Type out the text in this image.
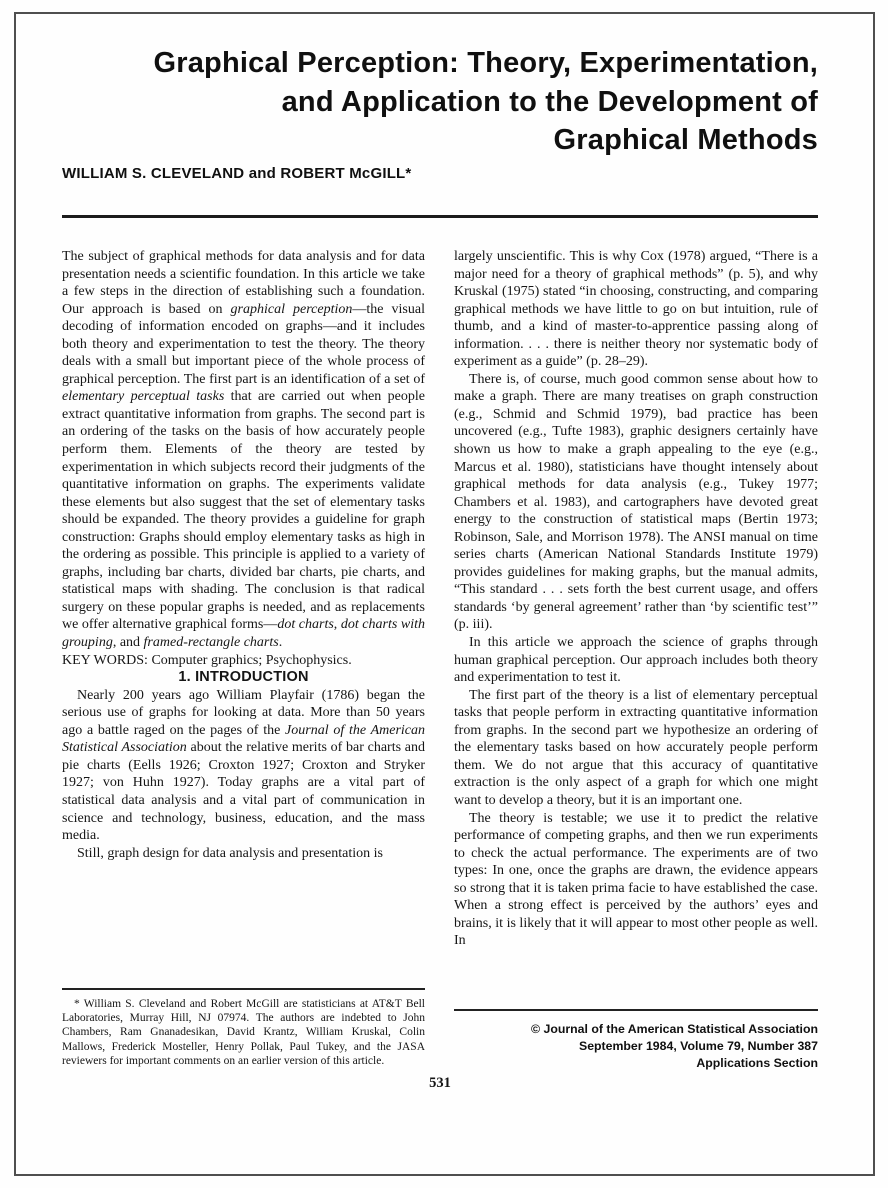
Graphical Perception: Theory, Experimentation,
and Application to the Development of
Graphical Methods
WILLIAM S. CLEVELAND and ROBERT McGILL*

The subject of graphical methods for data analysis and for data presentation needs a scientific foundation. In this article we take a few steps in the direction of establishing such a foundation. Our approach is based on graphical perception—the visual decoding of information encoded on graphs—and it includes both theory and experimentation to test the theory. The theory deals with a small but important piece of the whole process of graphical perception. The first part is an identification of a set of elementary perceptual tasks that are carried out when people extract quantitative information from graphs. The second part is an ordering of the tasks on the basis of how accurately people perform them. Elements of the theory are tested by experimentation in which subjects record their judgments of the quantitative information on graphs. The experiments validate these elements but also suggest that the set of elementary tasks should be expanded. The theory provides a guideline for graph construction: Graphs should employ elementary tasks as high in the ordering as possible. This principle is applied to a variety of graphs, including bar charts, divided bar charts, pie charts, and statistical maps with shading. The conclusion is that radical surgery on these popular graphs is needed, and as replacements we offer alternative graphical forms—dot charts, dot charts with grouping, and framed-rectangle charts.

KEY WORDS: Computer graphics; Psychophysics.

1. INTRODUCTION

Nearly 200 years ago William Playfair (1786) began the serious use of graphs for looking at data. More than 50 years ago a battle raged on the pages of the Journal of the American Statistical Association about the relative merits of bar charts and pie charts (Eells 1926; Croxton 1927; Croxton and Stryker 1927; von Huhn 1927). Today graphs are a vital part of statistical data analysis and a vital part of communication in science and technology, business, education, and the mass media.

Still, graph design for data analysis and presentation is

* William S. Cleveland and Robert McGill are statisticians at AT&T Bell Laboratories, Murray Hill, NJ 07974. The authors are indebted to John Chambers, Ram Gnanadesikan, David Krantz, William Kruskal, Colin Mallows, Frederick Mosteller, Henry Pollak, Paul Tukey, and the JASA reviewers for important comments on an earlier version of this article.

largely unscientific. This is why Cox (1978) argued, “There is a major need for a theory of graphical methods” (p. 5), and why Kruskal (1975) stated “in choosing, constructing, and comparing graphical methods we have little to go on but intuition, rule of thumb, and a kind of master-to-apprentice passing along of information. . . . there is neither theory nor systematic body of experiment as a guide” (p. 28–29).

There is, of course, much good common sense about how to make a graph. There are many treatises on graph construction (e.g., Schmid and Schmid 1979), bad practice has been uncovered (e.g., Tufte 1983), graphic designers certainly have shown us how to make a graph appealing to the eye (e.g., Marcus et al. 1980), statisticians have thought intensely about graphical methods for data analysis (e.g., Tukey 1977; Chambers et al. 1983), and cartographers have devoted great energy to the construction of statistical maps (Bertin 1973; Robinson, Sale, and Morrison 1978). The ANSI manual on time series charts (American National Standards Institute 1979) provides guidelines for making graphs, but the manual admits, “This standard . . . sets forth the best current usage, and offers standards ‘by general agreement’ rather than ‘by scientific test’” (p. iii).

In this article we approach the science of graphs through human graphical perception. Our approach includes both theory and experimentation to test it.

The first part of the theory is a list of elementary perceptual tasks that people perform in extracting quantitative information from graphs. In the second part we hypothesize an ordering of the elementary tasks based on how accurately people perform them. We do not argue that this accuracy of quantitative extraction is the only aspect of a graph for which one might want to develop a theory, but it is an important one.

The theory is testable; we use it to predict the relative performance of competing graphs, and then we run experiments to check the actual performance. The experiments are of two types: In one, once the graphs are drawn, the evidence appears so strong that it is taken prima facie to have established the case. When a strong effect is perceived by the authors’ eyes and brains, it is likely that it will appear to most other people as well. In

© Journal of the American Statistical Association
September 1984, Volume 79, Number 387
Applications Section
531
